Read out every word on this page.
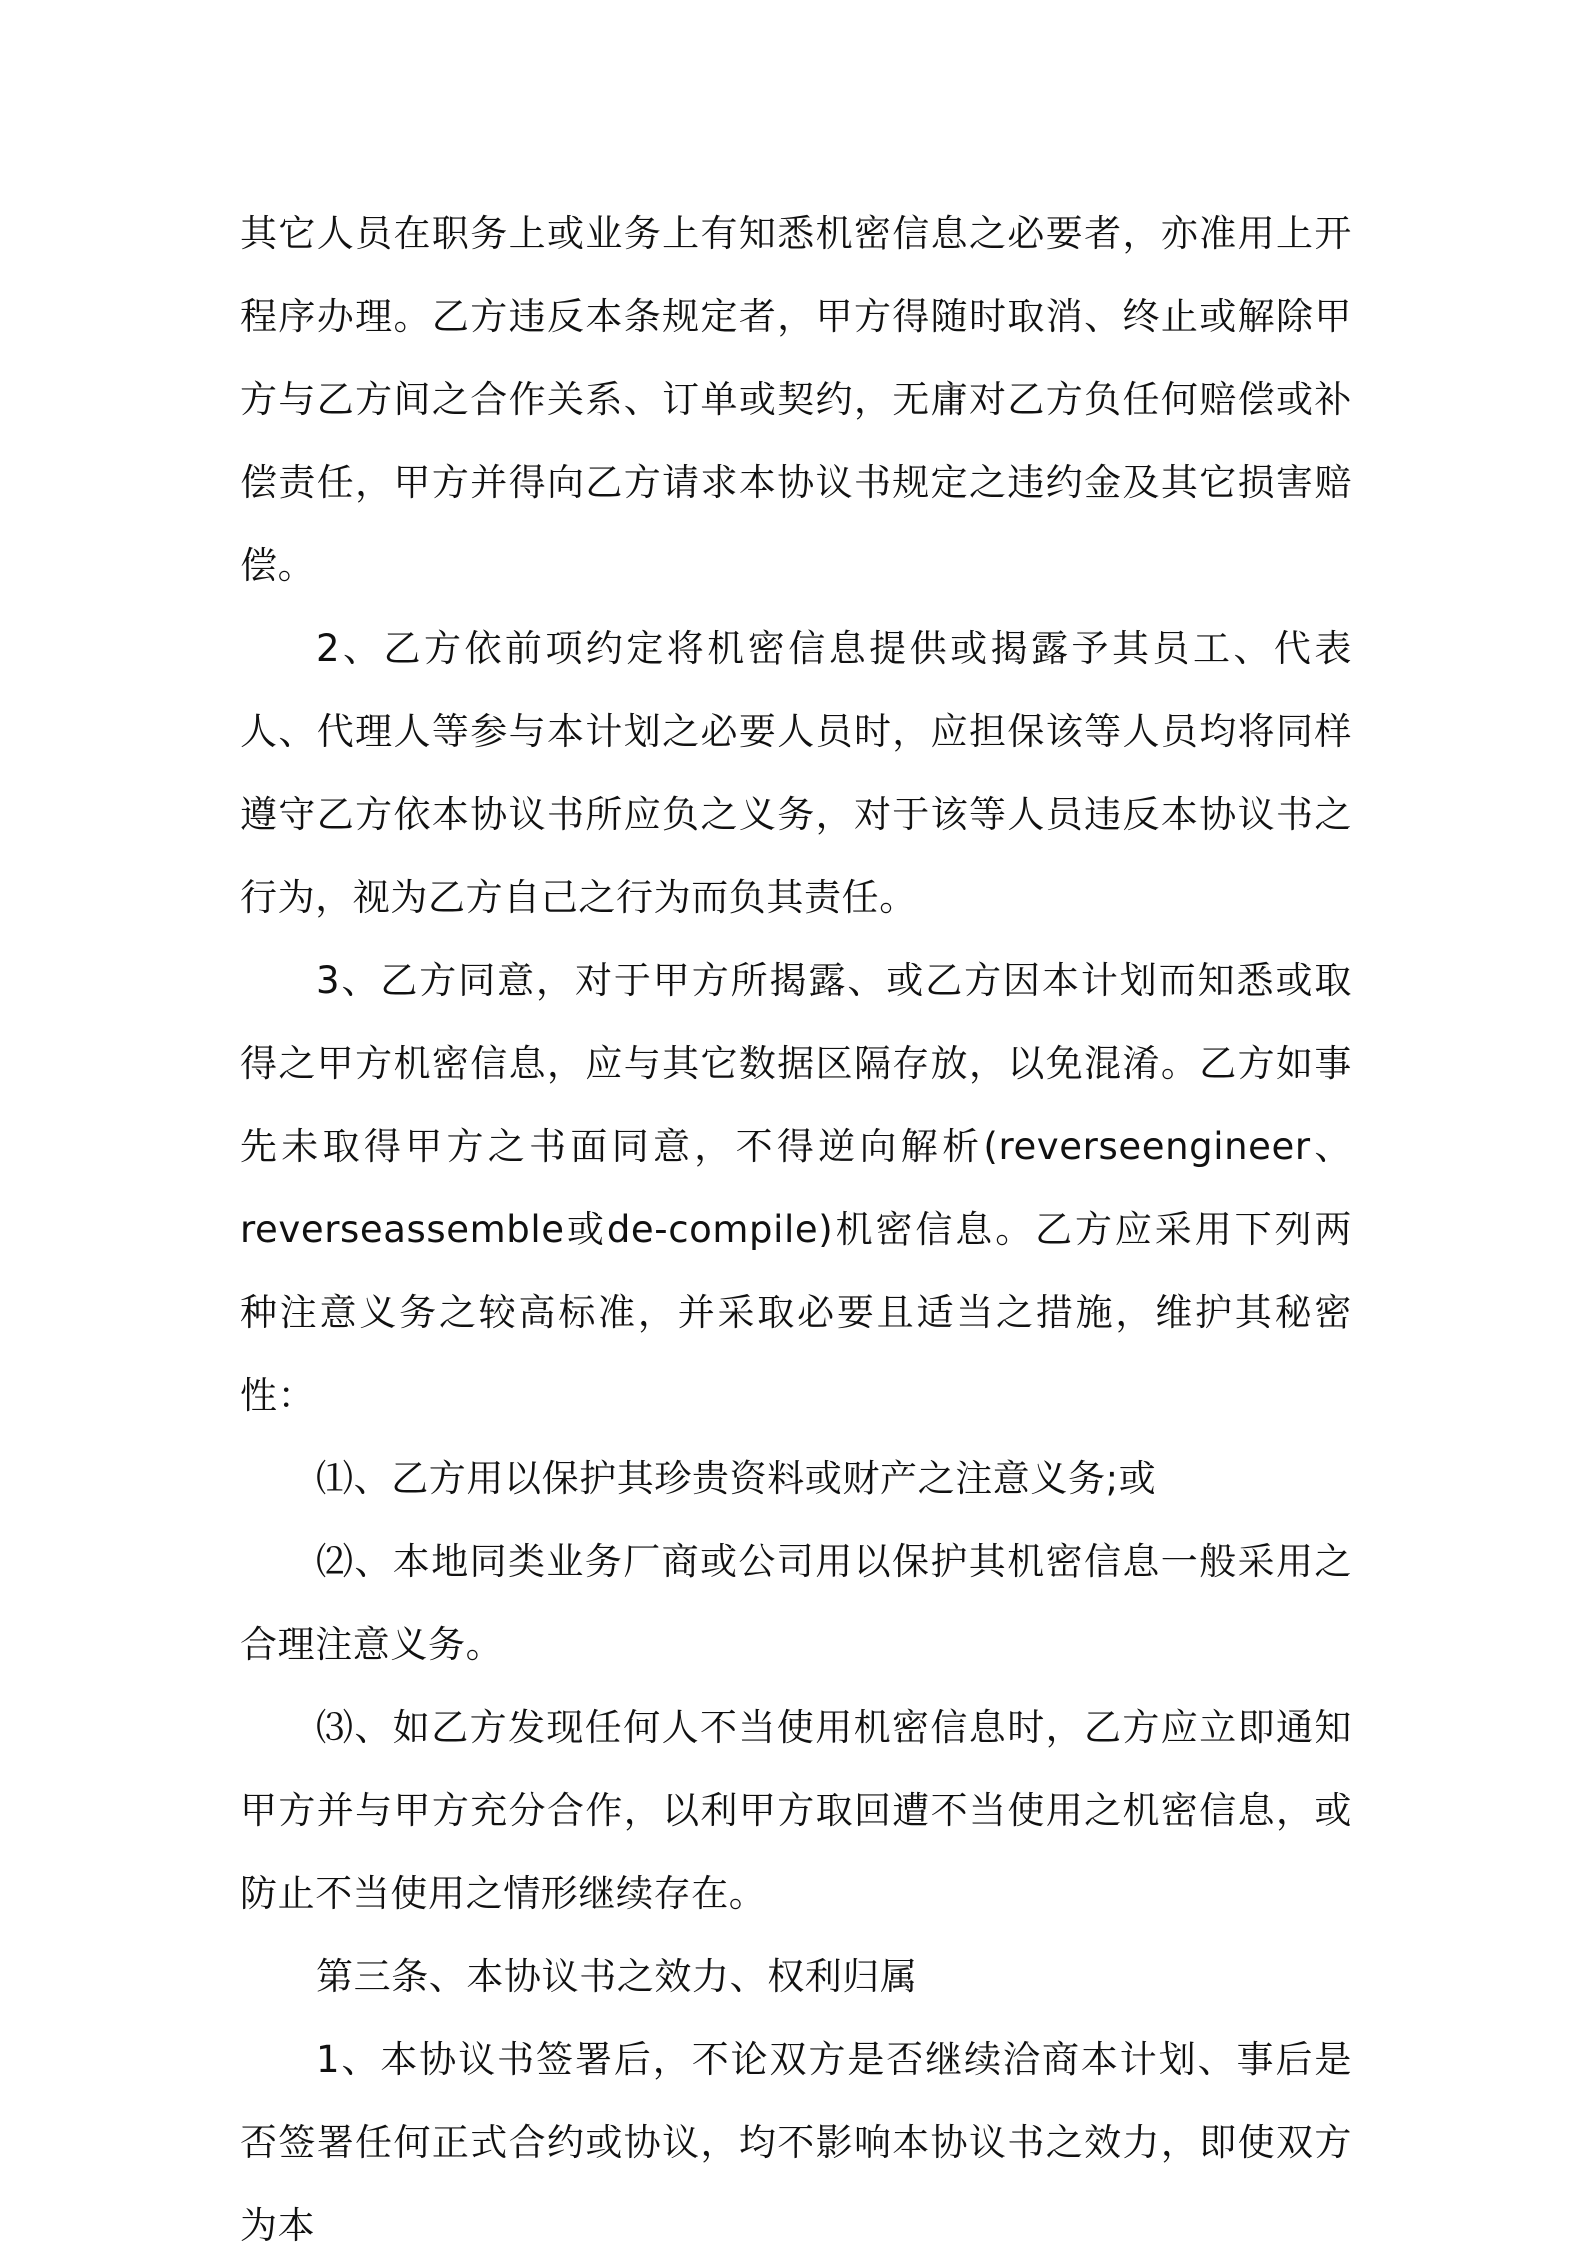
其它人员在职务上或业务上有知悉机密信息之必要者，亦准用上开程序办理。乙方违反本条规定者，甲方得随时取消、终止或解除甲方与乙方间之合作关系、订单或契约，无庸对乙方负任何赔偿或补偿责任，甲方并得向乙方请求本协议书规定之违约金及其它损害赔偿。

2、乙方依前项约定将机密信息提供或揭露予其员工、代表人、代理人等参与本计划之必要人员时，应担保该等人员均将同样遵守乙方依本协议书所应负之义务，对于该等人员违反本协议书之行为，视为乙方自己之行为而负其责任。

3、乙方同意，对于甲方所揭露、或乙方因本计划而知悉或取得之甲方机密信息，应与其它数据区隔存放，以免混淆。乙方如事先未取得甲方之书面同意，不得逆向解析(reverseengineer、reverseassemble或de-compile)机密信息。乙方应采用下列两种注意义务之较高标准，并采取必要且适当之措施，维护其秘密性：

⑴、乙方用以保护其珍贵资料或财产之注意义务;或

⑵、本地同类业务厂商或公司用以保护其机密信息一般采用之合理注意义务。

⑶、如乙方发现任何人不当使用机密信息时，乙方应立即通知甲方并与甲方充分合作，以利甲方取回遭不当使用之机密信息，或防止不当使用之情形继续存在。

第三条、本协议书之效力、权利归属

1、本协议书签署后，不论双方是否继续洽商本计划、事后是否签署任何正式合约或协议，均不影响本协议书之效力，即使双方为本
